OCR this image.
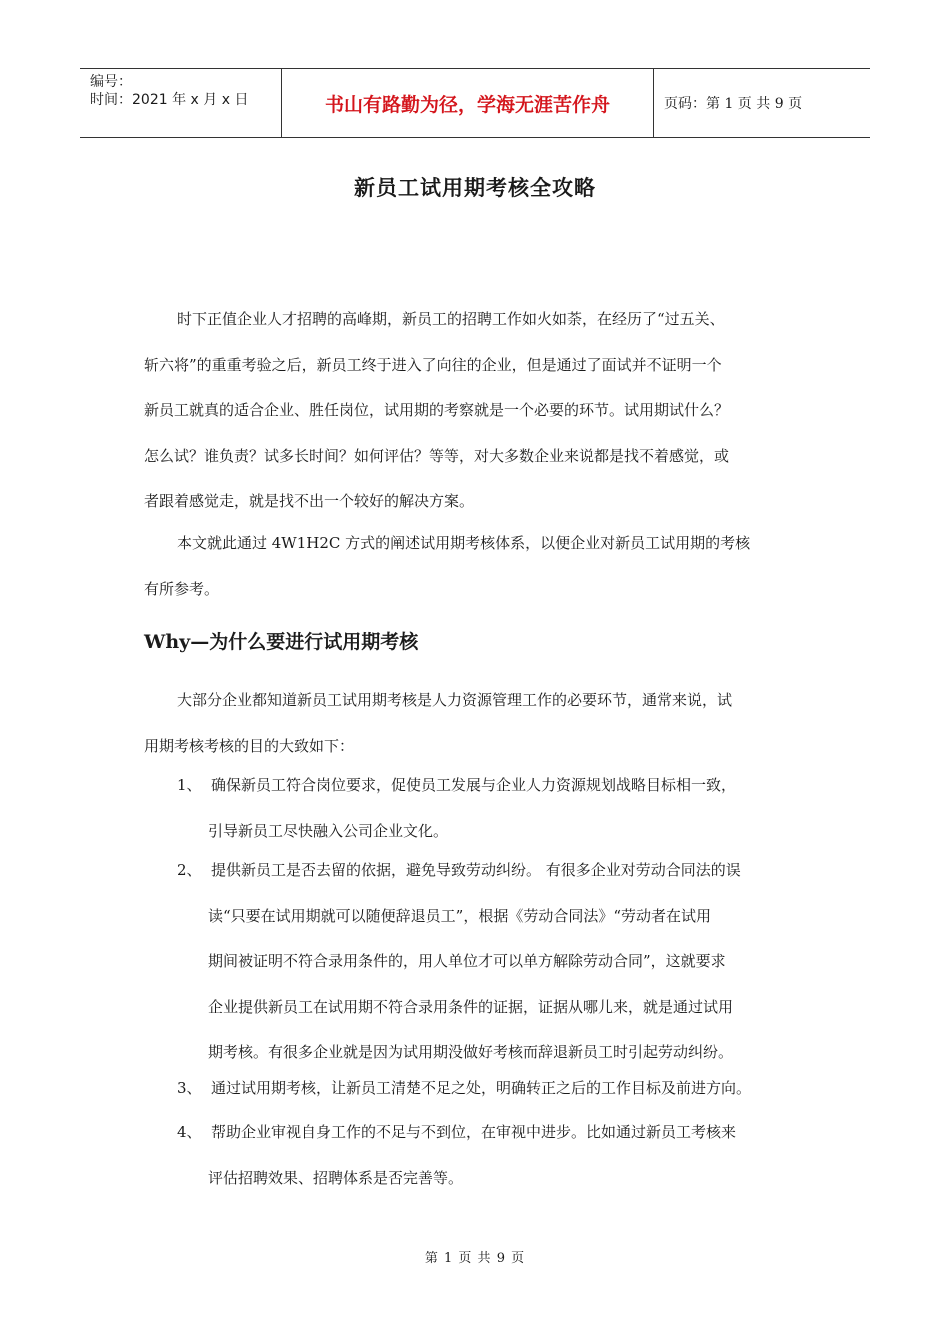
编号：
时间：2021 年 x 月 x 日	书山有路勤为径，学海无涯苦作舟	页码：第 1 页 共 9 页
新员工试用期考核全攻略
时下正值企业人才招聘的高峰期，新员工的招聘工作如火如荼，在经历了“过五关、
斩六将”的重重考验之后，新员工终于进入了向往的企业，但是通过了面试并不证明一个
新员工就真的适合企业、胜任岗位，试用期的考察就是一个必要的环节。试用期试什么？
怎么试？谁负责？试多长时间？如何评估？等等，对大多数企业来说都是找不着感觉，或
者跟着感觉走，就是找不出一个较好的解决方案。
本文就此通过 4W1H2C 方式的阐述试用期考核体系，以便企业对新员工试用期的考核
有所参考。
Why—为什么要进行试用期考核
大部分企业都知道新员工试用期考核是人力资源管理工作的必要环节，通常来说，试
用期考核考核的目的大致如下：
1、 确保新员工符合岗位要求，促使员工发展与企业人力资源规划战略目标相一致，
引导新员工尽快融入公司企业文化。
2、 提供新员工是否去留的依据，避免导致劳动纠纷。 有很多企业对劳动合同法的误
读“只要在试用期就可以随便辞退员工”，根据《劳动合同法》“劳动者在试用
期间被证明不符合录用条件的，用人单位才可以单方解除劳动合同”，这就要求
企业提供新员工在试用期不符合录用条件的证据，证据从哪儿来，就是通过试用
期考核。有很多企业就是因为试用期没做好考核而辞退新员工时引起劳动纠纷。
3、 通过试用期考核，让新员工清楚不足之处，明确转正之后的工作目标及前进方向。
4、 帮助企业审视自身工作的不足与不到位，在审视中进步。比如通过新员工考核来
评估招聘效果、招聘体系是否完善等。
第 1 页 共 9 页
